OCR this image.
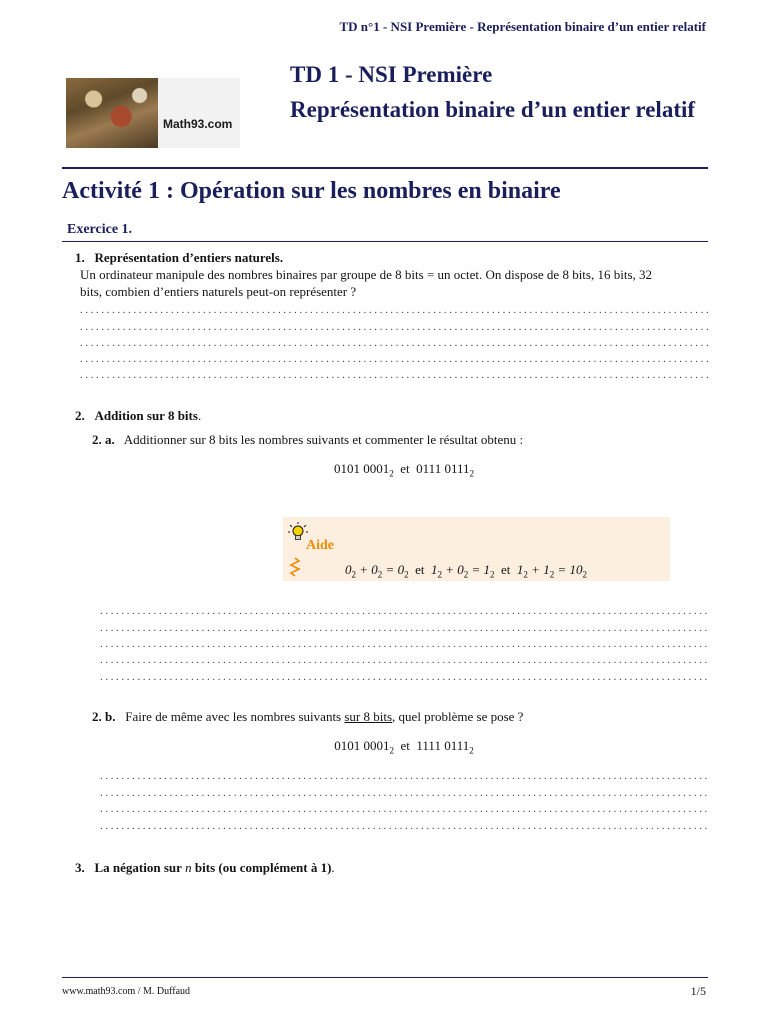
TD n°1 - NSI Première - Représentation binaire d’un entier relatif
Math93.com
TD 1 - NSI Première
Représentation binaire d’un entier relatif
Activité 1 : Opération sur les nombres en binaire
Exercice 1.
1. Représentation d’entiers naturels.
Un ordinateur manipule des nombres binaires par groupe de 8 bits = un octet. On dispose de 8 bits, 16 bits, 32
bits, combien d’entiers naturels peut-on représenter ?
.....
.....
.....
.....
.....
2. Addition sur 8 bits.
2. a. Additionner sur 8 bits les nombres suivants et commenter le résultat obtenu :
0101 $0001_2$ et 0111 $0111_2$
Aide
$0_2 + 0_2 = 0_2$ et $1_2 + 0_2 = 1_2$ et $1_2 + 1_2 = 10_2$
.....
.....
.....
.....
.....
2. b. Faire de même avec les nombres suivants sur 8 bits, quel problème se pose ?
0101 $0001_2$ et 1111 $0111_2$
.....
.....
.....
.....
3. La négation sur n bits (ou complément à 1).
www.math93.com / M. Duffaud	1/5
